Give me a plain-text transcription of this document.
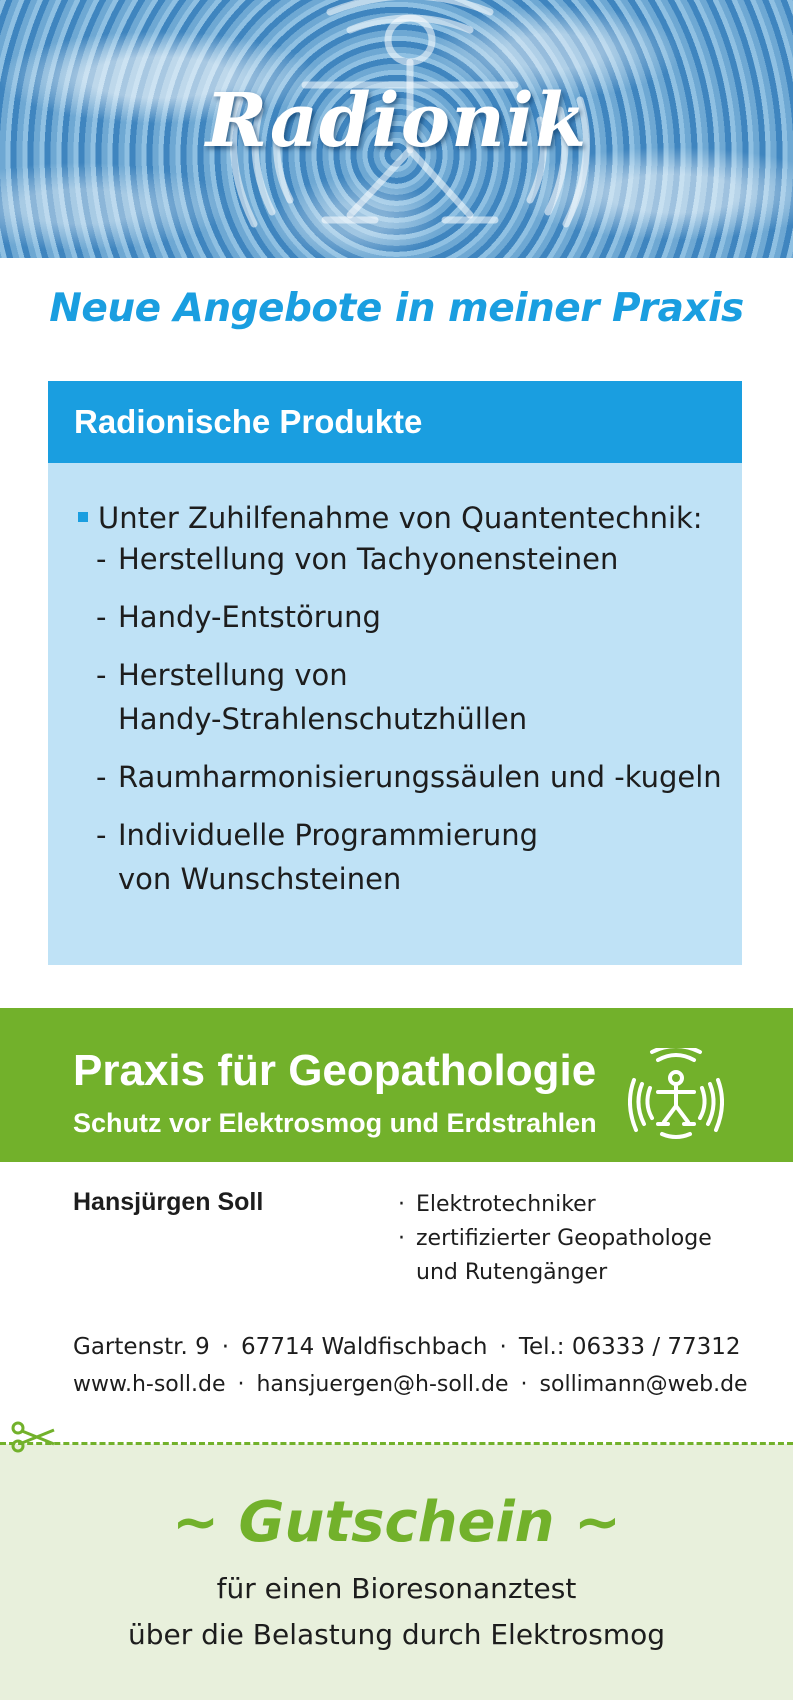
Radionik
Neue Angebote in meiner Praxis
Radionische Produkte
Unter Zuhilfenahme von Quantentechnik:
- Herstellung von Tachyonensteinen
- Handy-Entstörung
- Herstellung von
Handy-Strahlenschutzhüllen
- Raumharmonisierungssäulen und -kugeln
- Individuelle Programmierung
von Wunschsteinen
Praxis für Geopathologie
Schutz vor Elektrosmog und Erdstrahlen
Hansjürgen Soll	· Elektrotechniker
· zertifizierter Geopathologe
und Rutengänger
Gartenstr. 9 · 67714 Waldfischbach · Tel.: 06333 / 77312
www.h-soll.de · hansjuergen@h-soll.de · sollimann@web.de
~ Gutschein ~
für einen Bioresonanztest
über die Belastung durch Elektrosmog
